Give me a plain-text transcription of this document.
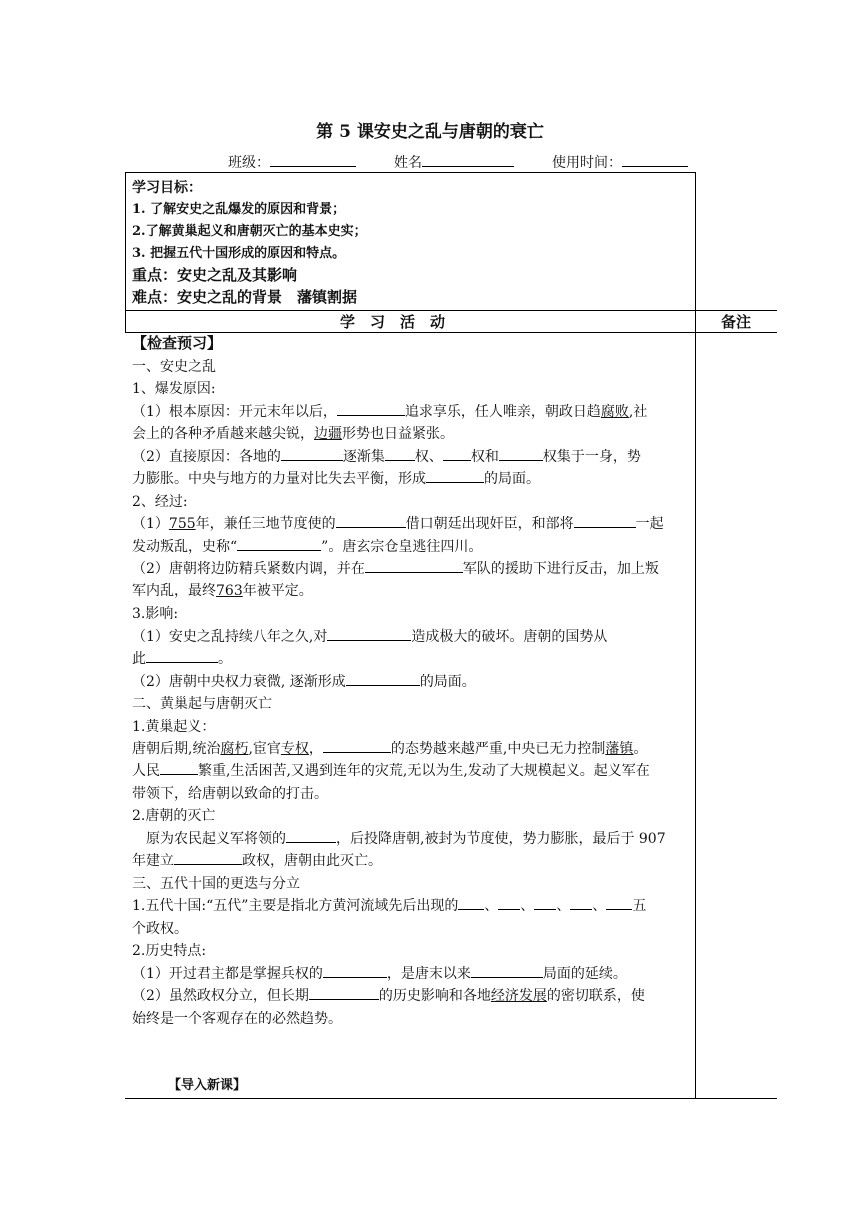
第 5 课安史之乱与唐朝的衰亡
班级：	姓名	使用时间：
学习目标：
1. 了解安史之乱爆发的原因和背景；
2.了解黄巢起义和唐朝灭亡的基本史实；
3. 把握五代十国形成的原因和特点。
重点：安史之乱及其影响
难点：安史之乱的背景　藩镇割据
学　习　活　动	备注
【检查预习】
一、安史之乱
1、爆发原因:
（1）根本原因：开元末年以后，	追求享乐，任人唯亲，朝政日趋腐败,社
会上的各种矛盾越来越尖锐，边疆形势也日益紧张。
（2）直接原因：各地的	逐渐集 权、 权和	权集于一身，势
力膨胀。中央与地方的力量对比失去平衡，形成	的局面。
2、经过:
（1）755年，兼任三地节度使的	借口朝廷出现奸臣，和部将	一起
发动叛乱，史称“	”。唐玄宗仓皇逃往四川。
（2）唐朝将边防精兵紧数内调，并在	军队的援助下进行反击，加上叛
军内乱，最终763年被平定。
3.影响:
（1）安史之乱持续八年之久,对	造成极大的破坏。唐朝的国势从
此	。
（2）唐朝中央权力衰微, 逐渐形成	的局面。
二、黄巢起与唐朝灭亡
1.黄巢起义：
唐朝后期,统治腐朽,宦官专权，	的态势越来越严重,中央已无力控制藩镇。
人民	繁重,生活困苦,又遇到连年的灾荒,无以为生,发动了大规模起义。起义军在
带领下，给唐朝以致命的打击。
2.唐朝的灭亡
　原为农民起义军将领的	，后投降唐朝,被封为节度使，势力膨胀，最后于 907
年建立	政权，唐朝由此灭亡。
三、五代十国的更迭与分立
1.五代十国:“五代”主要是指北方黄河流域先后出现的 、 、 、 、 五
个政权。
2.历史特点:
（1）开过君主都是掌握兵权的	，是唐末以来	局面的延续。
（2）虽然政权分立，但长期	的历史影响和各地经济发展的密切联系，使
始终是一个客观存在的必然趋势。
【导入新课】
